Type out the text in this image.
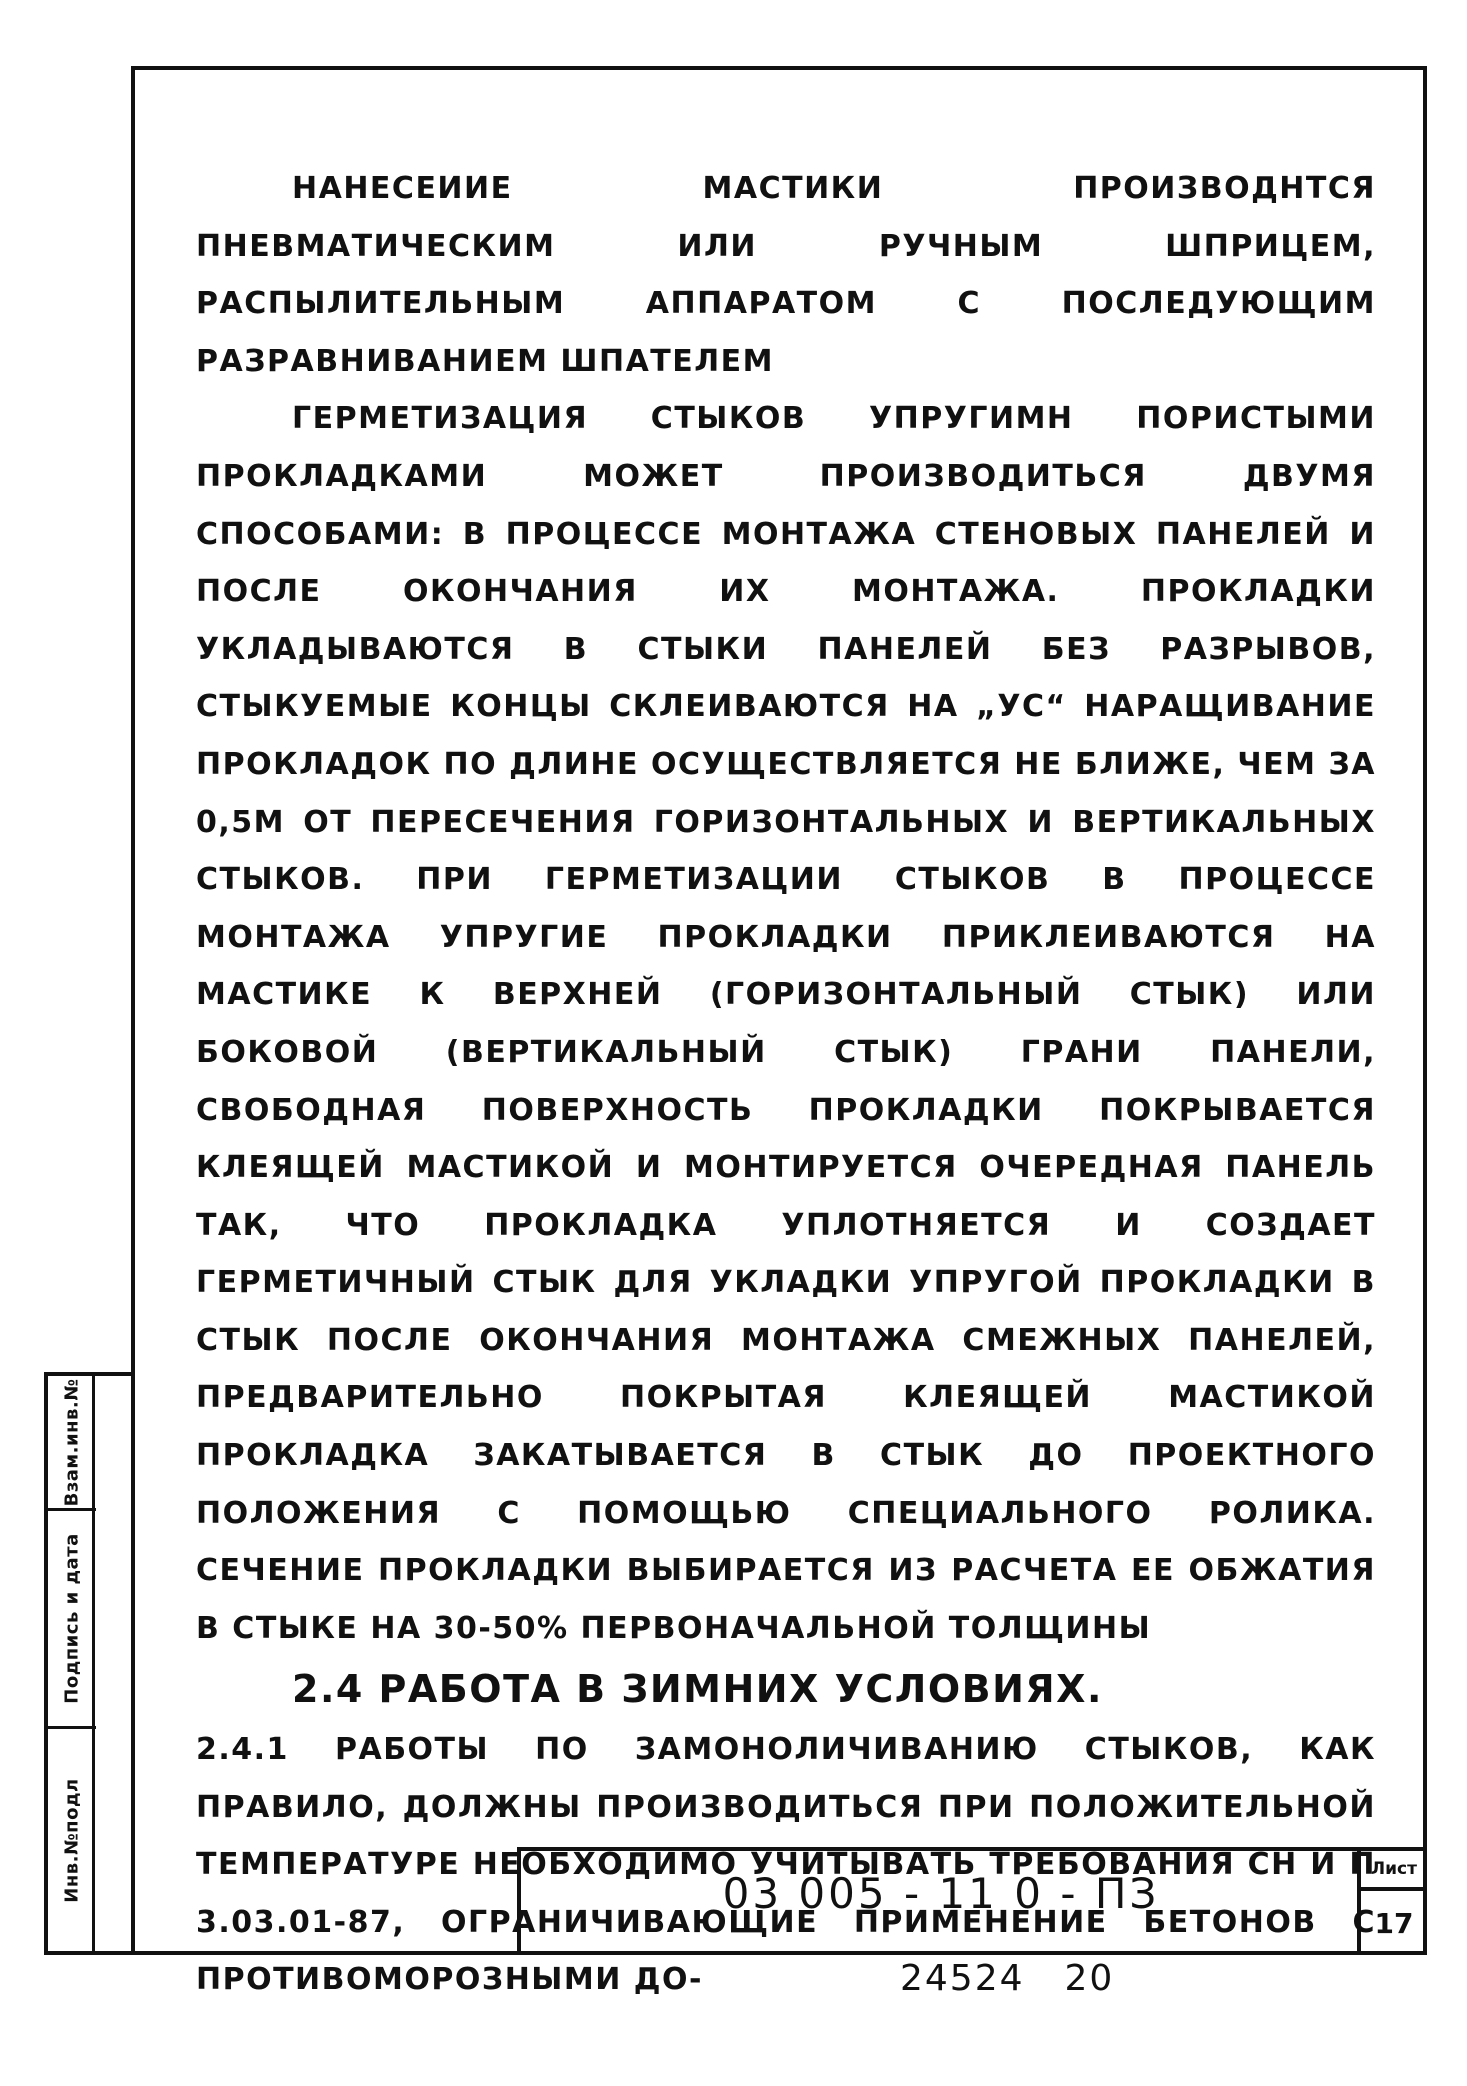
Взам.инв.№
Подпись и дата
Инв.№подл

НАНЕСЕИИЕ МАСТИКИ ПРОИЗВОДНТСЯ ПНЕВМАТИЧЕСКИМ ИЛИ РУЧНЫМ ШПРИЦЕМ, РАСПЫЛИТЕЛЬНЫМ АППАРАТОМ С ПОСЛЕДУЮЩИМ РАЗРАВНИВАНИЕМ ШПАТЕЛЕМ

ГЕРМЕТИЗАЦИЯ СТЫКОВ УПРУГИМН ПОРИСТЫМИ ПРОКЛАДКАМИ МОЖЕТ ПРОИЗВОДИТЬСЯ ДВУМЯ СПОСОБАМИ: В ПРОЦЕССЕ МОНТАЖА СТЕНОВЫХ ПАНЕЛЕЙ И ПОСЛЕ ОКОНЧАНИЯ ИХ МОНТАЖА. ПРОКЛАДКИ УКЛАДЫВАЮТСЯ В СТЫКИ ПАНЕЛЕЙ БЕЗ РАЗРЫВОВ, СТЫКУЕМЫЕ КОНЦЫ СКЛЕИВАЮТСЯ НА „УС“ НАРАЩИВАНИЕ ПРОКЛАДОК ПО ДЛИНЕ ОСУЩЕСТВЛЯЕТСЯ НЕ БЛИЖЕ, ЧЕМ ЗА 0,5М ОТ ПЕРЕСЕЧЕНИЯ ГОРИЗОНТАЛЬНЫХ И ВЕРТИКАЛЬНЫХ СТЫКОВ. ПРИ ГЕРМЕТИЗАЦИИ СТЫКОВ В ПРОЦЕССЕ МОНТАЖА УПРУГИЕ ПРОКЛАДКИ ПРИКЛЕИВАЮТСЯ НА МАСТИКЕ К ВЕРХНЕЙ (ГОРИЗОНТАЛЬНЫЙ СТЫК) ИЛИ БОКОВОЙ (ВЕРТИКАЛЬНЫЙ СТЫК) ГРАНИ ПАНЕЛИ, СВОБОДНАЯ ПОВЕРХНОСТЬ ПРОКЛАДКИ ПОКРЫВАЕТСЯ КЛЕЯЩЕЙ МАСТИКОЙ И МОНТИРУЕТСЯ ОЧЕРЕДНАЯ ПАНЕЛЬ ТАК, ЧТО ПРОКЛАДКА УПЛОТНЯЕТСЯ И СОЗДАЕТ ГЕРМЕТИЧНЫЙ СТЫК ДЛЯ УКЛАДКИ УПРУГОЙ ПРОКЛАДКИ В СТЫК ПОСЛЕ ОКОНЧАНИЯ МОНТАЖА СМЕЖНЫХ ПАНЕЛЕЙ, ПРЕДВАРИТЕЛЬНО ПОКРЫТАЯ КЛЕЯЩЕЙ МАСТИКОЙ ПРОКЛАДКА ЗАКАТЫВАЕТСЯ В СТЫК ДО ПРОЕКТНОГО ПОЛОЖЕНИЯ С ПОМОЩЬЮ СПЕЦИАЛЬНОГО РОЛИКА. СЕЧЕНИЕ ПРОКЛАДКИ ВЫБИРАЕТСЯ ИЗ РАСЧЕТА ЕЕ ОБЖАТИЯ В СТЫКЕ НА 30-50% ПЕРВОНАЧАЛЬНОЙ ТОЛЩИНЫ

2.4 РАБОТА В ЗИМНИХ УСЛОВИЯХ.

2.4.1 РАБОТЫ ПО ЗАМОНОЛИЧИВАНИЮ СТЫКОВ, КАК ПРАВИЛО, ДОЛЖНЫ ПРОИЗВОДИТЬСЯ ПРИ ПОЛОЖИТЕЛЬНОЙ ТЕМПЕРАТУРЕ НЕОБХОДИМО УЧИТЫВАТЬ ТРЕБОВАНИЯ СН И П 3.03.01-87, ОГРАНИЧИВАЮЩИЕ ПРИМЕНЕНИЕ БЕТОНОВ С ПРОТИВОМОРОЗНЫМИ ДО-

03 005 - 11 0 - ПЗ	Лист
17
24524 20
